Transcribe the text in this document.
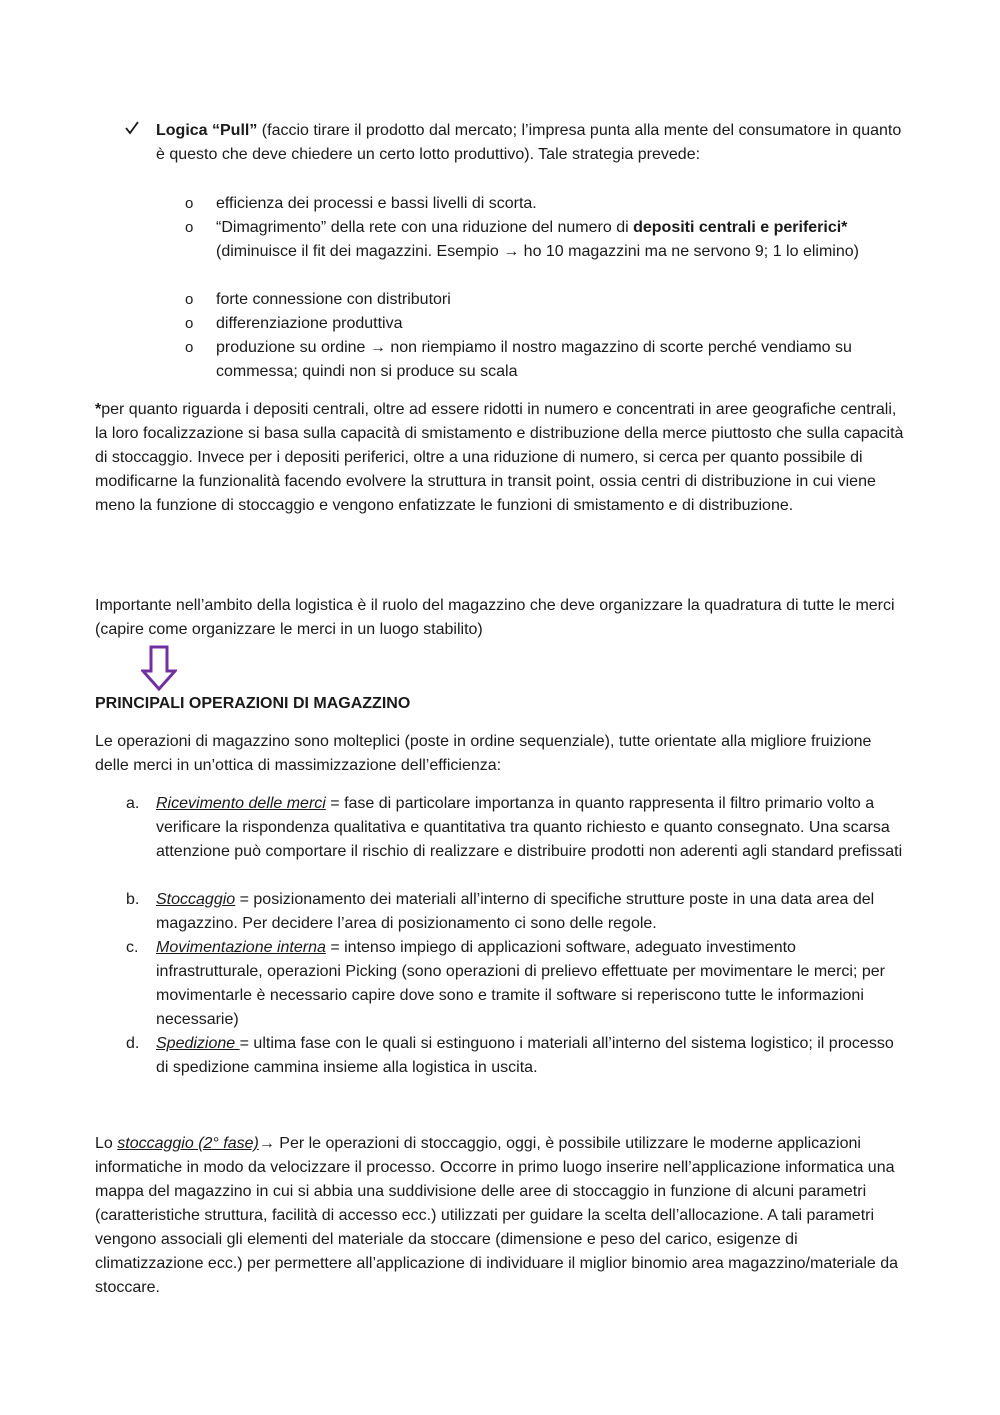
Logica “Pull” (faccio tirare il prodotto dal mercato; l’impresa punta alla mente del consumatore in quanto è questo che deve chiedere un certo lotto produttivo). Tale strategia prevede:
o efficienza dei processi e bassi livelli di scorta.
o “Dimagrimento” della rete con una riduzione del numero di depositi centrali e periferici*(diminuisce il fit dei magazzini. Esempio → ho 10 magazzini ma ne servono 9; 1 lo elimino)
o forte connessione con distributori
o differenziazione produttiva
o produzione su ordine → non riempiamo il nostro magazzino di scorte perché vendiamo su commessa; quindi non si produce su scala
*per quanto riguarda i depositi centrali, oltre ad essere ridotti in numero e concentrati in aree geografiche centrali, la loro focalizzazione si basa sulla capacità di smistamento e distribuzione della merce piuttosto che sulla capacità di stoccaggio. Invece per i depositi periferici, oltre a una riduzione di numero, si cerca per quanto possibile di modificarne la funzionalità facendo evolvere la struttura in transit point, ossia centri di distribuzione in cui viene meno la funzione di stoccaggio e vengono enfatizzate le funzioni di smistamento e di distribuzione.
Importante nell’ambito della logistica è il ruolo del magazzino che deve organizzare la quadratura di tutte le merci (capire come organizzare le merci in un luogo stabilito)
PRINCIPALI OPERAZIONI DI MAGAZZINO
Le operazioni di magazzino sono molteplici (poste in ordine sequenziale), tutte orientate alla migliore fruizione delle merci in un’ottica di massimizzazione dell’efficienza:
a. Ricevimento delle merci = fase di particolare importanza in quanto rappresenta il filtro primario volto a verificare la rispondenza qualitativa e quantitativa tra quanto richiesto e quanto consegnato. Una scarsa attenzione può comportare il rischio di realizzare e distribuire prodotti non aderenti agli standard prefissati
b. Stoccaggio = posizionamento dei materiali all’interno di specifiche strutture poste in una data area del magazzino. Per decidere l’area di posizionamento ci sono delle regole.
c. Movimentazione interna = intenso impiego di applicazioni software, adeguato investimento infrastrutturale, operazioni Picking (sono operazioni di prelievo effettuate per movimentare le merci; per movimentarle è necessario capire dove sono e tramite il software si reperiscono tutte le informazioni necessarie)
d. Spedizione = ultima fase con le quali si estinguono i materiali all’interno del sistema logistico; il processo di spedizione cammina insieme alla logistica in uscita.
Lo stoccaggio (2° fase)→ Per le operazioni di stoccaggio, oggi, è possibile utilizzare le moderne applicazioni informatiche in modo da velocizzare il processo. Occorre in primo luogo inserire nell’applicazione informatica una mappa del magazzino in cui si abbia una suddivisione delle aree di stoccaggio in funzione di alcuni parametri (caratteristiche struttura, facilità di accesso ecc.) utilizzati per guidare la scelta dell’allocazione. A tali parametri vengono associali gli elementi del materiale da stoccare (dimensione e peso del carico, esigenze di climatizzazione ecc.) per permettere all’applicazione di individuare il miglior binomio area magazzino/materiale da stoccare.
